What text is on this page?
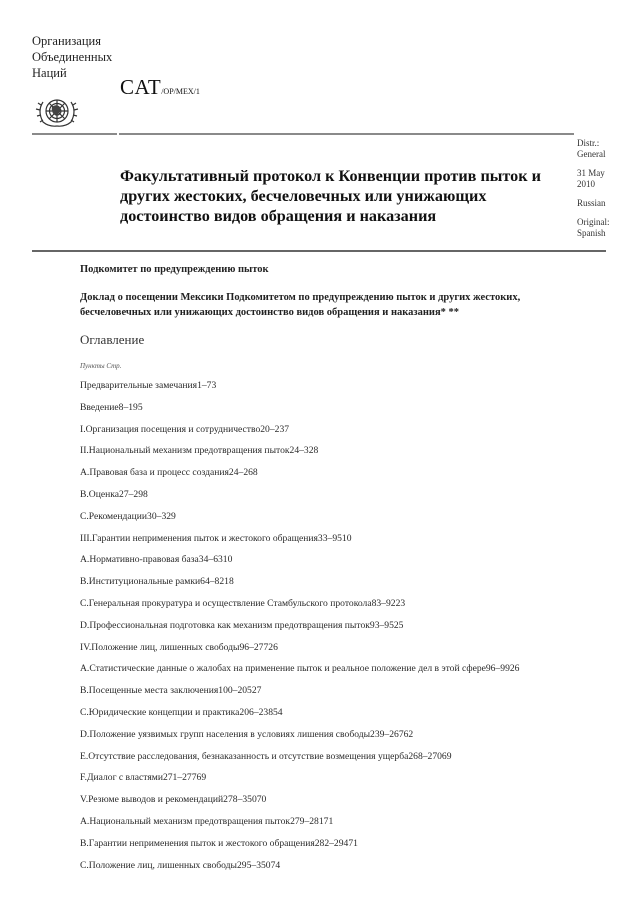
Организация
Объединенных
Наций
CAT/OP/MEX/1
Факультативный протокол к Конвенции против пыток и других жестоких, бесчеловечных или унижающих достоинство видов обращения и наказания
Distr.:
General
31 May
2010
Russian
Original:
Spanish
Подкомитет по предупреждению пыток
Доклад о посещении Мексики Подкомитетом по предупреждению пыток и других жестоких, бесчеловечных или унижающих достоинство видов обращения и наказания* **
Оглавление
Пункты Стр.
Предварительные замечания1–73
Введение8–195
I.Организация посещения и сотрудничество20–237
II.Национальный механизм предотвращения пыток24–328
A.Правовая база и процесс создания24–268
B.Оценка27–298
C.Рекомендации30–329
III.Гарантии неприменения пыток и жестокого обращения33–9510
A.Нормативно-правовая база34–6310
B.Институциональные рамки64–8218
C.Генеральная прокуратура и осуществление Стамбульского протокола83–9223
D.Профессиональная подготовка как механизм предотвращения пыток93–9525
IV.Положение лиц, лишенных свободы96–27726
A.Статистические данные о жалобах на применение пыток и реальное положение дел в этой сфере96–9926
B.Посещенные места заключения100–20527
C.Юридические концепции и практика206–23854
D.Положение уязвимых групп населения в условиях лишения свободы239–26762
E.Отсутствие расследования, безнаказанность и отсутствие возмещения ущерба268–27069
F.Диалог с властями271–27769
V.Резюме выводов и рекомендаций278–35070
A.Национальный механизм предотвращения пыток279–28171
B.Гарантии неприменения пыток и жестокого обращения282–29471
C.Положение лиц, лишенных свободы295–35074
